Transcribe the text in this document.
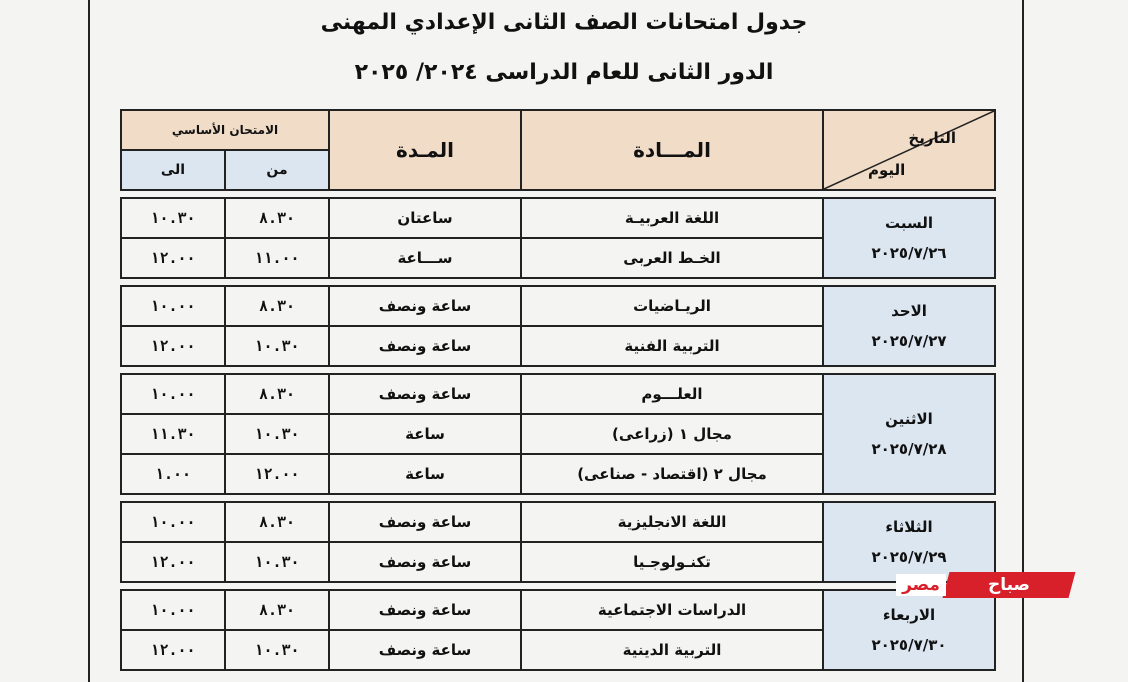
جدول امتحانات الصف الثانى الإعدادي المهنى
الدور الثانى للعام الدراسى ٢٠٢٤/ ٢٠٢٥
الامتحان الأساسي		المـدة	المـــادة	التاريخ
اليوم

الى	من			

١٠.٣٠	٨.٣٠	ساعتان	اللغة العربيـة	السبت
٢٠٢٥/٧/٢٦

١٢.٠٠	١١.٠٠	ســـاعة	الخـط العربى	

١٠.٠٠	٨.٣٠	ساعة ونصف	الريـاضيات	الاحد
٢٠٢٥/٧/٢٧

١٢.٠٠	١٠.٣٠	ساعة ونصف	التربية الفنية	

١٠.٠٠	٨.٣٠	ساعة ونصف	العلـــوم	الاثنين
٢٠٢٥/٧/٢٨

١١.٣٠	١٠.٣٠	ساعة	مجال ١ (زراعى)	
١.٠٠	١٢.٠٠	ساعة	مجال ٢ (اقتصاد - صناعى)	

١٠.٠٠	٨.٣٠	ساعة ونصف	اللغة الانجليزية	الثلاثاء
٢٠٢٥/٧/٢٩

١٢.٠٠	١٠.٣٠	ساعة ونصف	تكنـولوجـيا	

١٠.٠٠	٨.٣٠	ساعة ونصف	الدراسات الاجتماعية	الاربعاء
٢٠٢٥/٧/٣٠

١٢.٠٠	١٠.٣٠	ساعة ونصف	التربية الدينية	
صباح
مصر
